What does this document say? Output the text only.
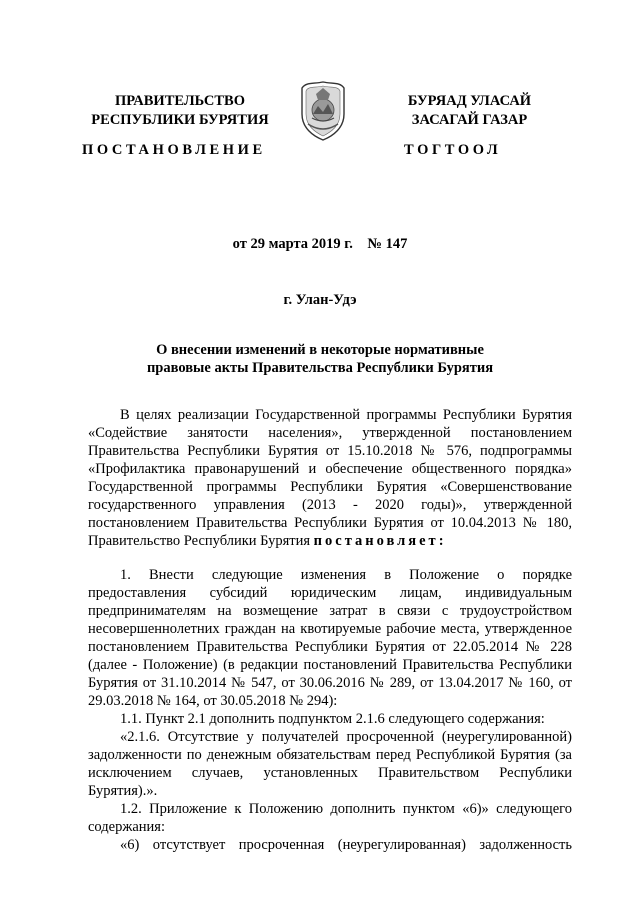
ПРАВИТЕЛЬСТВО
РЕСПУБЛИКИ БУРЯТИЯ
БУРЯАД УЛАСАЙ
ЗАСАГАЙ ГАЗАР
ПОСТАНОВЛЕНИЕ	ТОГТООЛ
от 29 марта 2019 г.    № 147
г. Улан-Удэ
О внесении изменений в некоторые нормативные
правовые акты Правительства Республики Бурятия

В целях реализации Государственной программы Республики Бурятия «Содействие занятости населения», утвержденной постановлением Правительства Республики Бурятия от 15.10.2018 № 576, подпрограммы «Профилактика правонарушений и обеспечение общественного порядка» Государственной программы Республики Бурятия «Совершенствование государственного управления (2013 - 2020 годы)», утвержденной постановлением Правительства Республики Бурятия от 10.04.2013 № 180, Правительство Республики Бурятия постановляет:

1. Внести следующие изменения в Положение о порядке предоставления субсидий юридическим лицам, индивидуальным предпринимателям на возмещение затрат в связи с трудоустройством несовершеннолетних граждан на квотируемые рабочие места, утвержденное постановлением Правительства Республики Бурятия от 22.05.2014 № 228 (далее - Положение) (в редакции постановлений Правительства Республики Бурятия от 31.10.2014 № 547, от 30.06.2016 № 289, от 13.04.2017 № 160, от 29.03.2018 № 164, от 30.05.2018 № 294):

1.1. Пункт 2.1 дополнить подпунктом 2.1.6 следующего содержания:

«2.1.6. Отсутствие у получателей просроченной (неурегулированной) задолженности по денежным обязательствам перед Республикой Бурятия (за исключением случаев, установленных Правительством Республики Бурятия).».

1.2. Приложение к Положению дополнить пунктом «6)» следующего содержания:

«6) отсутствует просроченная (неурегулированная) задолженность
